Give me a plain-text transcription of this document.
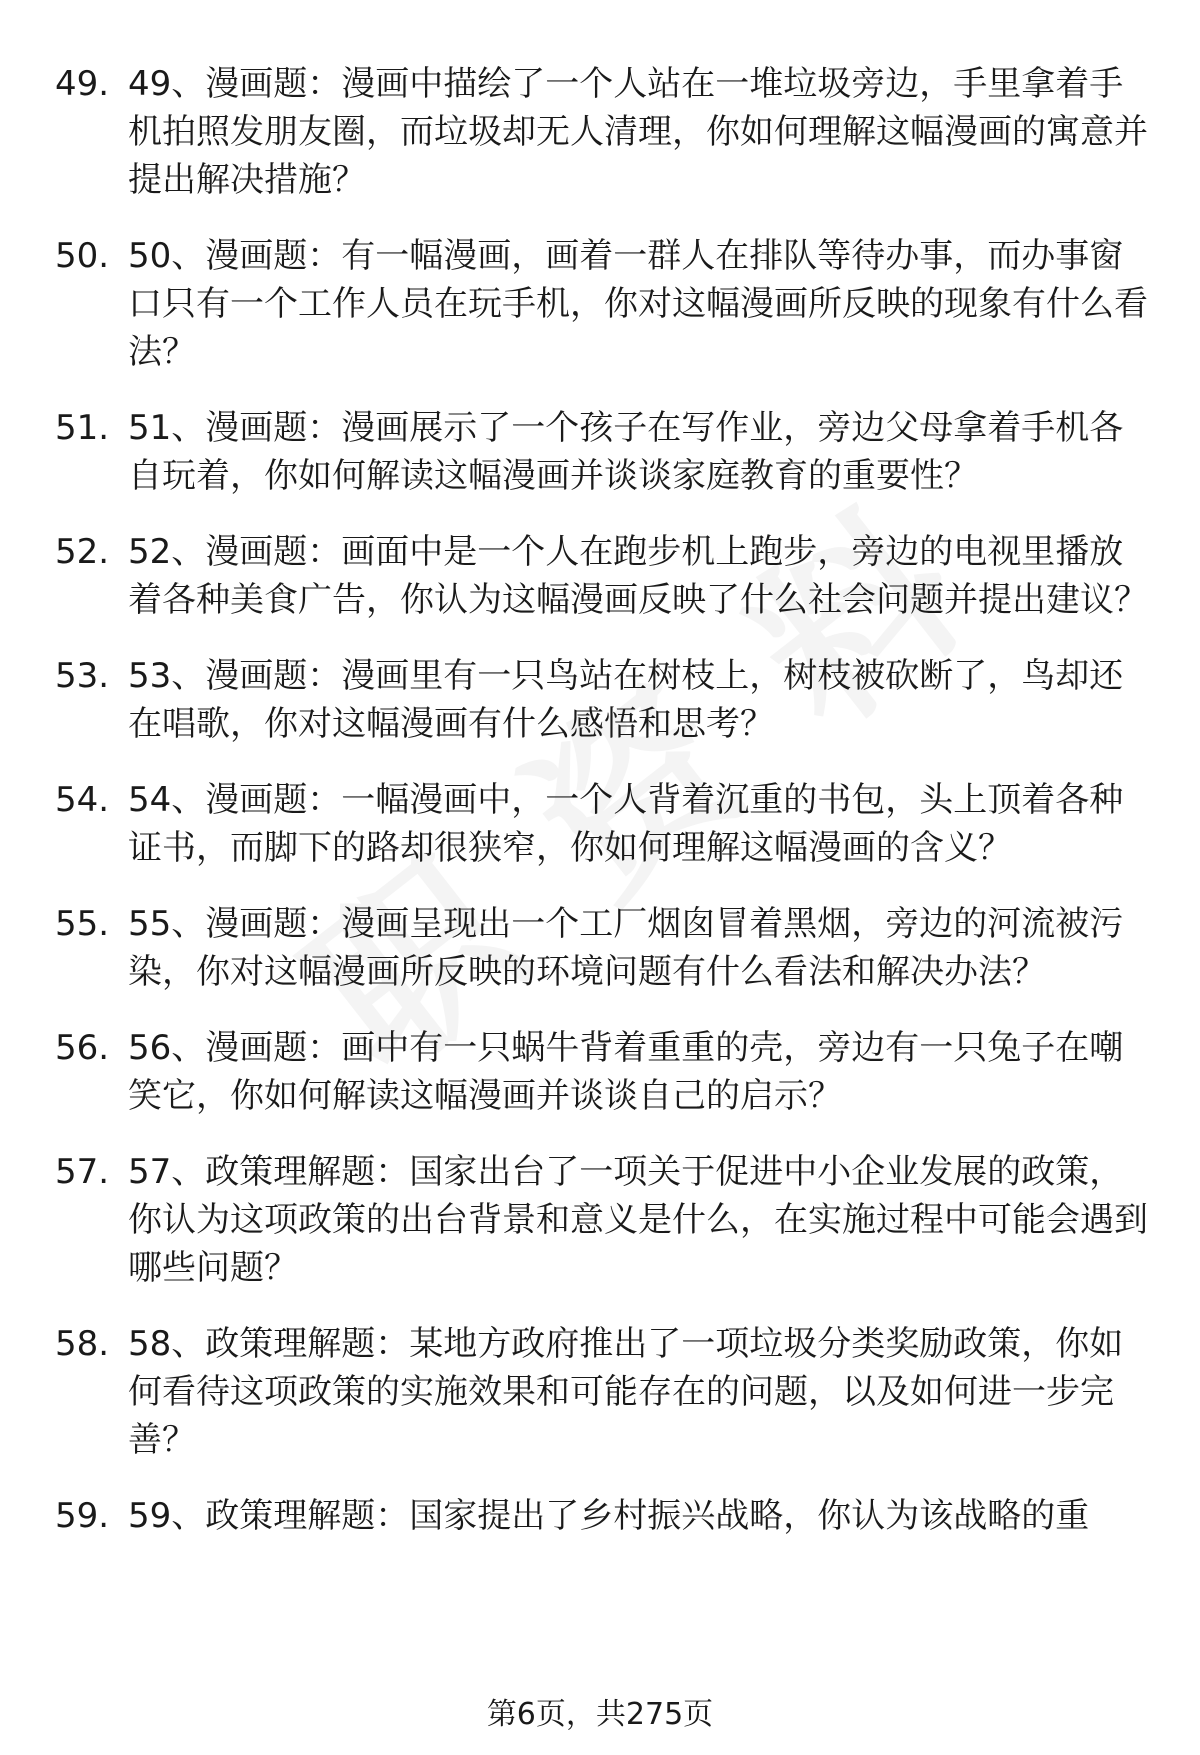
49. 49、漫画题：漫画中描绘了一个人站在一堆垃圾旁边，手里拿着手机拍照发朋友圈，而垃圾却无人清理，你如何理解这幅漫画的寓意并提出解决措施？
50. 50、漫画题：有一幅漫画，画着一群人在排队等待办事，而办事窗口只有一个工作人员在玩手机，你对这幅漫画所反映的现象有什么看法？
51. 51、漫画题：漫画展示了一个孩子在写作业，旁边父母拿着手机各自玩着，你如何解读这幅漫画并谈谈家庭教育的重要性？
52. 52、漫画题：画面中是一个人在跑步机上跑步，旁边的电视里播放着各种美食广告，你认为这幅漫画反映了什么社会问题并提出建议？
53. 53、漫画题：漫画里有一只鸟站在树枝上，树枝被砍断了，鸟却还在唱歌，你对这幅漫画有什么感悟和思考？
54. 54、漫画题：一幅漫画中，一个人背着沉重的书包，头上顶着各种证书，而脚下的路却很狭窄，你如何理解这幅漫画的含义？
55. 55、漫画题：漫画呈现出一个工厂烟囱冒着黑烟，旁边的河流被污染，你对这幅漫画所反映的环境问题有什么看法和解决办法？
56. 56、漫画题：画中有一只蜗牛背着重重的壳，旁边有一只兔子在嘲笑它，你如何解读这幅漫画并谈谈自己的启示？
57. 57、政策理解题：国家出台了一项关于促进中小企业发展的政策，你认为这项政策的出台背景和意义是什么，在实施过程中可能会遇到哪些问题？
58. 58、政策理解题：某地方政府推出了一项垃圾分类奖励政策，你如何看待这项政策的实施效果和可能存在的问题，以及如何进一步完善？
59. 59、政策理解题：国家提出了乡村振兴战略，你认为该战略的重
第6页，共275页
